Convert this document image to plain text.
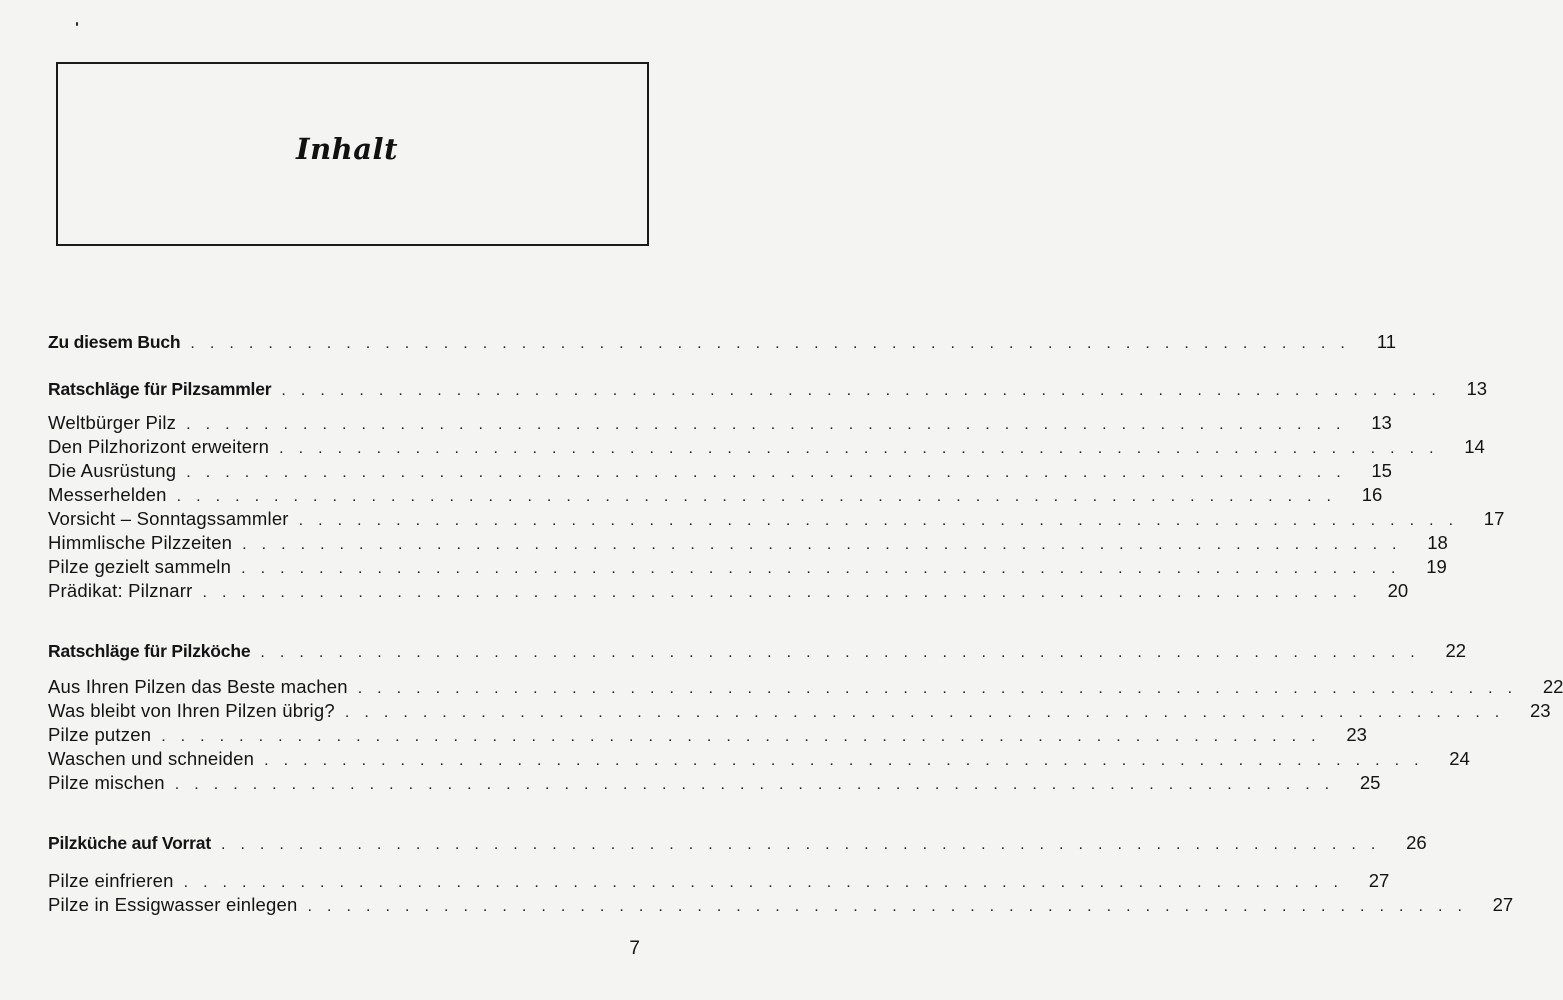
Inhalt
Zu diesem Buch . . . . . . . . . . . . . . . . . . . . . . . . . . . . . . . . . . . . . . . . . . . . . . . . . . . . . . . . . . . .	11
Ratschläge für Pilzsammler . . . . . . . . . . . . . . . . . . . . . . . . . . . . . . . . . . . . . . . . . . . . . . . . . . . . . . . . . . . .	13
Weltbürger Pilz . . . . . . . . . . . . . . . . . . . . . . . . . . . . . . . . . . . . . . . . . . . . . . . . . . . . . . . . . . . .	13
Den Pilzhorizont erweitern . . . . . . . . . . . . . . . . . . . . . . . . . . . . . . . . . . . . . . . . . . . . . . . . . . . . . . . . . . . .	14
Die Ausrüstung . . . . . . . . . . . . . . . . . . . . . . . . . . . . . . . . . . . . . . . . . . . . . . . . . . . . . . . . . . . .	15
Messerhelden . . . . . . . . . . . . . . . . . . . . . . . . . . . . . . . . . . . . . . . . . . . . . . . . . . . . . . . . . . . .	16
Vorsicht – Sonntagssammler . . . . . . . . . . . . . . . . . . . . . . . . . . . . . . . . . . . . . . . . . . . . . . . . . . . . . . . . . . . .	17
Himmlische Pilzzeiten . . . . . . . . . . . . . . . . . . . . . . . . . . . . . . . . . . . . . . . . . . . . . . . . . . . . . . . . . . . .	18
Pilze gezielt sammeln . . . . . . . . . . . . . . . . . . . . . . . . . . . . . . . . . . . . . . . . . . . . . . . . . . . . . . . . . . . .	19
Prädikat: Pilznarr . . . . . . . . . . . . . . . . . . . . . . . . . . . . . . . . . . . . . . . . . . . . . . . . . . . . . . . . . . . .	20
Ratschläge für Pilzköche . . . . . . . . . . . . . . . . . . . . . . . . . . . . . . . . . . . . . . . . . . . . . . . . . . . . . . . . . . . .	22
Aus Ihren Pilzen das Beste machen . . . . . . . . . . . . . . . . . . . . . . . . . . . . . . . . . . . . . . . . . . . . . . . . . . . . . . . . . . . .	22
Was bleibt von Ihren Pilzen übrig? . . . . . . . . . . . . . . . . . . . . . . . . . . . . . . . . . . . . . . . . . . . . . . . . . . . . . . . . . . . .	23
Pilze putzen . . . . . . . . . . . . . . . . . . . . . . . . . . . . . . . . . . . . . . . . . . . . . . . . . . . . . . . . . . . .	23
Waschen und schneiden . . . . . . . . . . . . . . . . . . . . . . . . . . . . . . . . . . . . . . . . . . . . . . . . . . . . . . . . . . . .	24
Pilze mischen . . . . . . . . . . . . . . . . . . . . . . . . . . . . . . . . . . . . . . . . . . . . . . . . . . . . . . . . . . . .	25
Pilzküche auf Vorrat . . . . . . . . . . . . . . . . . . . . . . . . . . . . . . . . . . . . . . . . . . . . . . . . . . . . . . . . . . . .	26
Pilze einfrieren . . . . . . . . . . . . . . . . . . . . . . . . . . . . . . . . . . . . . . . . . . . . . . . . . . . . . . . . . . . .	27
Pilze in Essigwasser einlegen . . . . . . . . . . . . . . . . . . . . . . . . . . . . . . . . . . . . . . . . . . . . . . . . . . . . . . . . . . . .	27
7
